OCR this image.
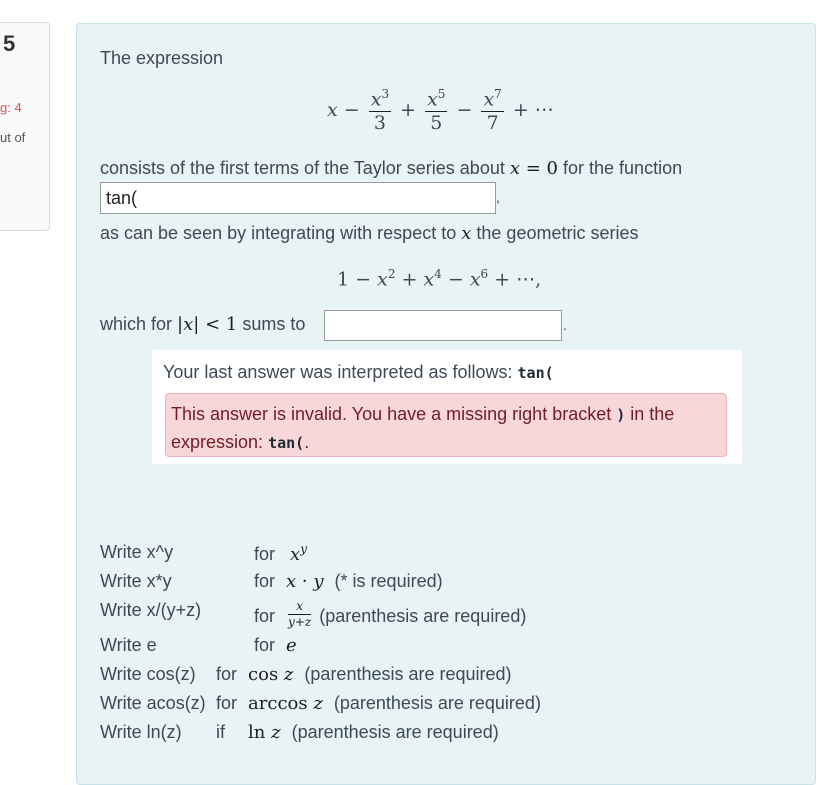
5
g: 4
ut of
The expression
$x - \frac{x^3}{3} + \frac{x^5}{5} - \frac{x^7}{7}$ + ⋯
consists of the first terms of the Taylor series about x = 0 for the function
tan(
,
as can be seen by integrating with respect to x the geometric series
$1 - x^2 + x^4 - x^6$ + ⋯,
which for |x| < 1 sums to	.
Your last answer was interpreted as follows: tan(
This answer is invalid. You have a missing right bracket ) in the expression: tan(.
Write x^y	for $x^y$
Write x*y	for x · y (* is required)
Write x/(y+z)	for $\frac{x}{y+z}$ (parenthesis are required)
Write e	for e
Write cos(z) for cos z (parenthesis are required)
Write acos(z) for arccos z (parenthesis are required)
Write ln(z) if ln z (parenthesis are required)
